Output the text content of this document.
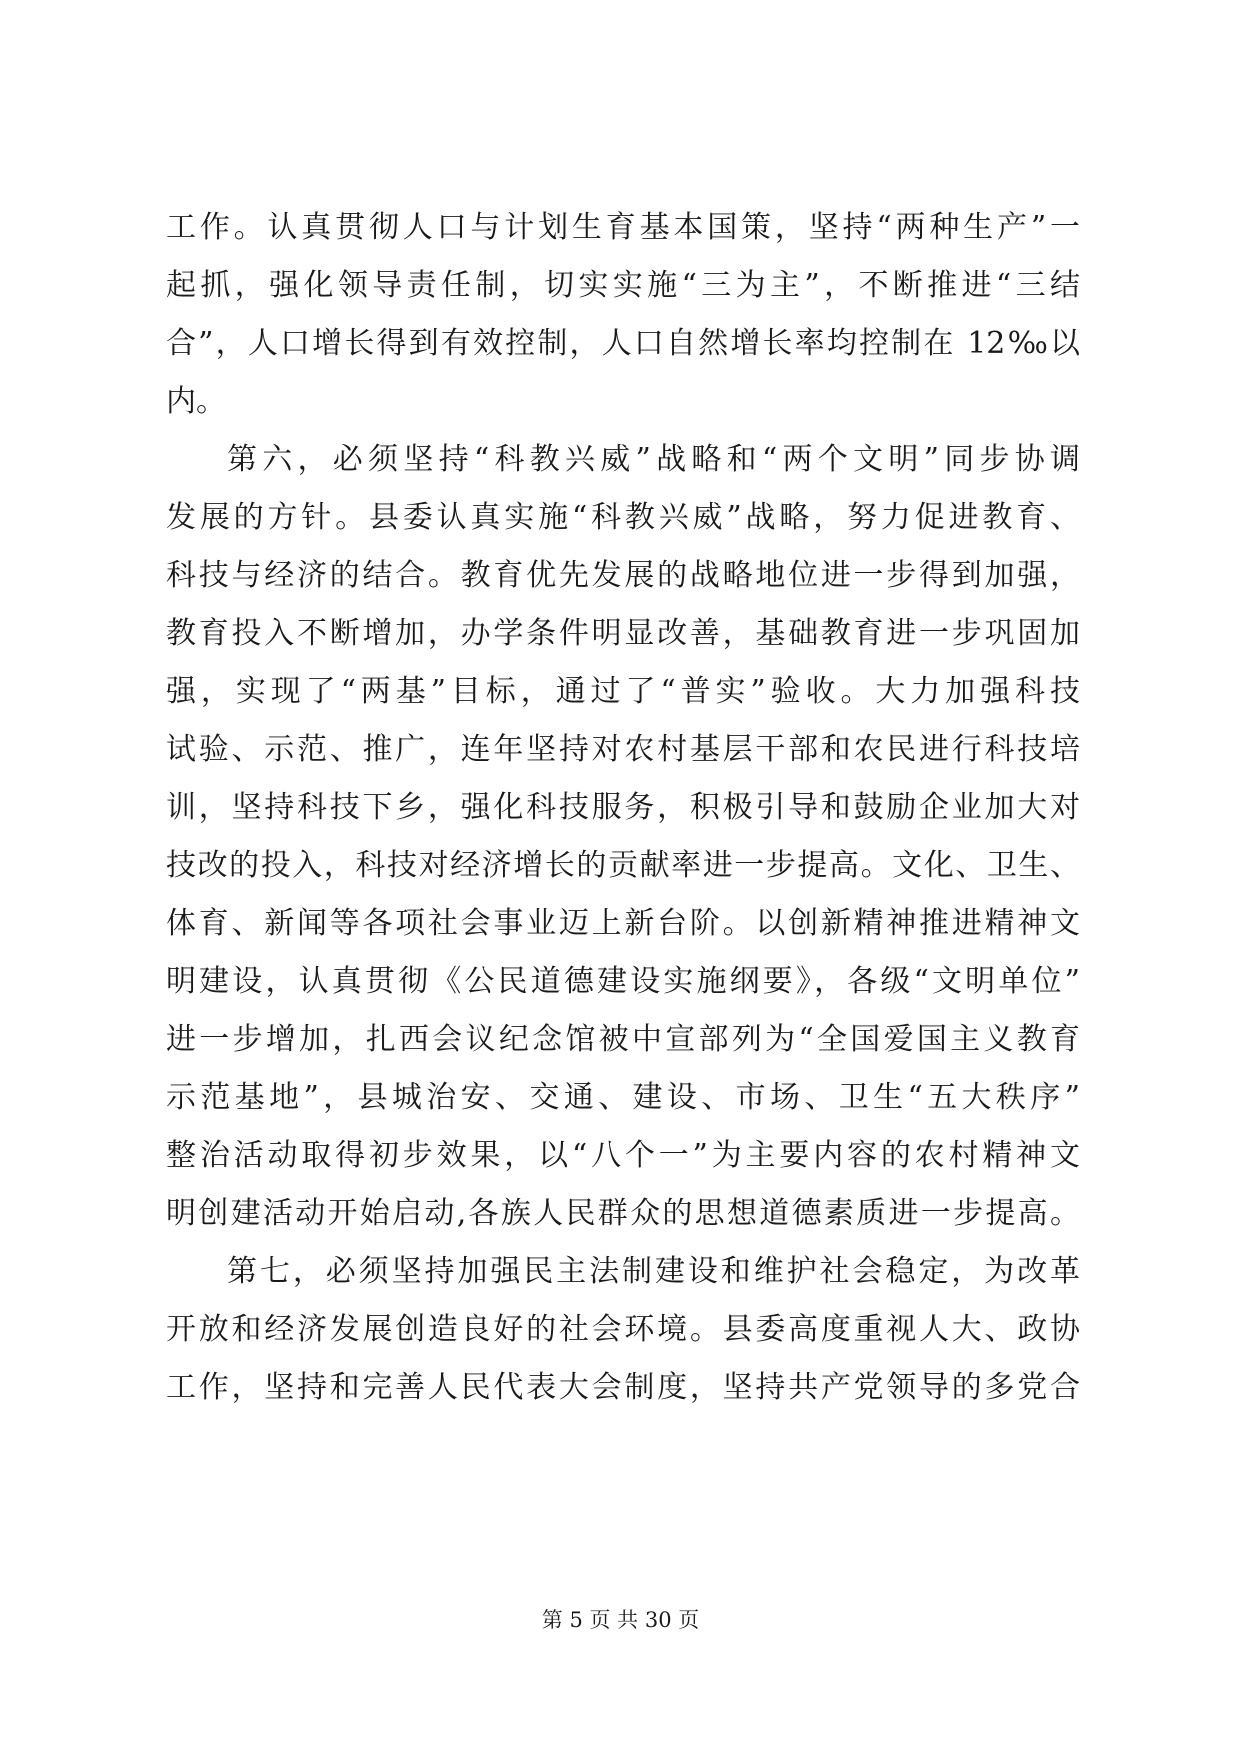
工作。认真贯彻人口与计划生育基本国策，坚持“两种生产”一
起抓，强化领导责任制，切实实施“三为主”，不断推进“三结
合”，人口增长得到有效控制，人口自然增长率均控制在 12‰以
内。
第六，必须坚持“科教兴威”战略和“两个文明”同步协调
发展的方针。县委认真实施“科教兴威”战略，努力促进教育、
科技与经济的结合。教育优先发展的战略地位进一步得到加强，
教育投入不断增加，办学条件明显改善，基础教育进一步巩固加
强，实现了“两基”目标，通过了“普实”验收。大力加强科技
试验、示范、推广，连年坚持对农村基层干部和农民进行科技培
训，坚持科技下乡，强化科技服务，积极引导和鼓励企业加大对
技改的投入，科技对经济增长的贡献率进一步提高。文化、卫生、
体育、新闻等各项社会事业迈上新台阶。以创新精神推进精神文
明建设，认真贯彻《公民道德建设实施纲要》，各级“文明单位”
进一步增加，扎西会议纪念馆被中宣部列为“全国爱国主义教育
示范基地”，县城治安、交通、建设、市场、卫生“五大秩序”
整治活动取得初步效果，以“八个一”为主要内容的农村精神文
明创建活动开始启动,各族人民群众的思想道德素质进一步提高。
第七，必须坚持加强民主法制建设和维护社会稳定，为改革
开放和经济发展创造良好的社会环境。县委高度重视人大、政协
工作，坚持和完善人民代表大会制度，坚持共产党领导的多党合
第 5 页 共 30 页
